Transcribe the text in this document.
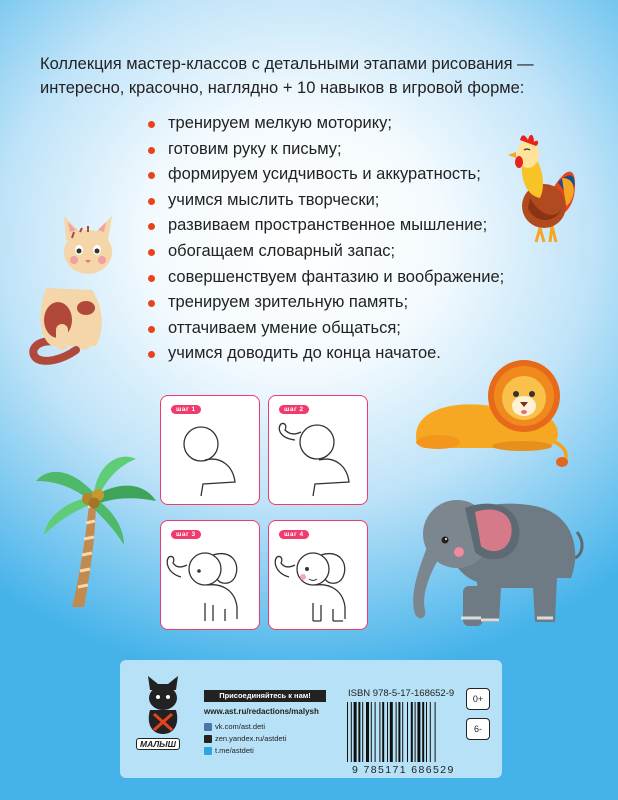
Коллекция мастер-классов с детальными этапами рисования —

интересно, красочно, наглядно + 10 навыков в игровой форме:

тренируем мелкую моторику;
готовим руку к письму;
формируем усидчивость и аккуратность;
учимся мыслить творчески;
развиваем пространственное мышление;
обогащаем словарный запас;
совершенствуем фантазию и воображение;
тренируем зрительную память;
оттачиваем умение общаться;
учимся доводить до конца начатое.
шаг 1	шаг 2
шаг 3	шаг 4
МАЛЫШ
Присоединяйтесь к нам!
www.ast.ru/redactions/malysh
vk.com/ast.deti
zen.yandex.ru/astdeti
t.me/astdeti
ISBN 978-5-17-168652-9
9 785171 686529
0+
6-
